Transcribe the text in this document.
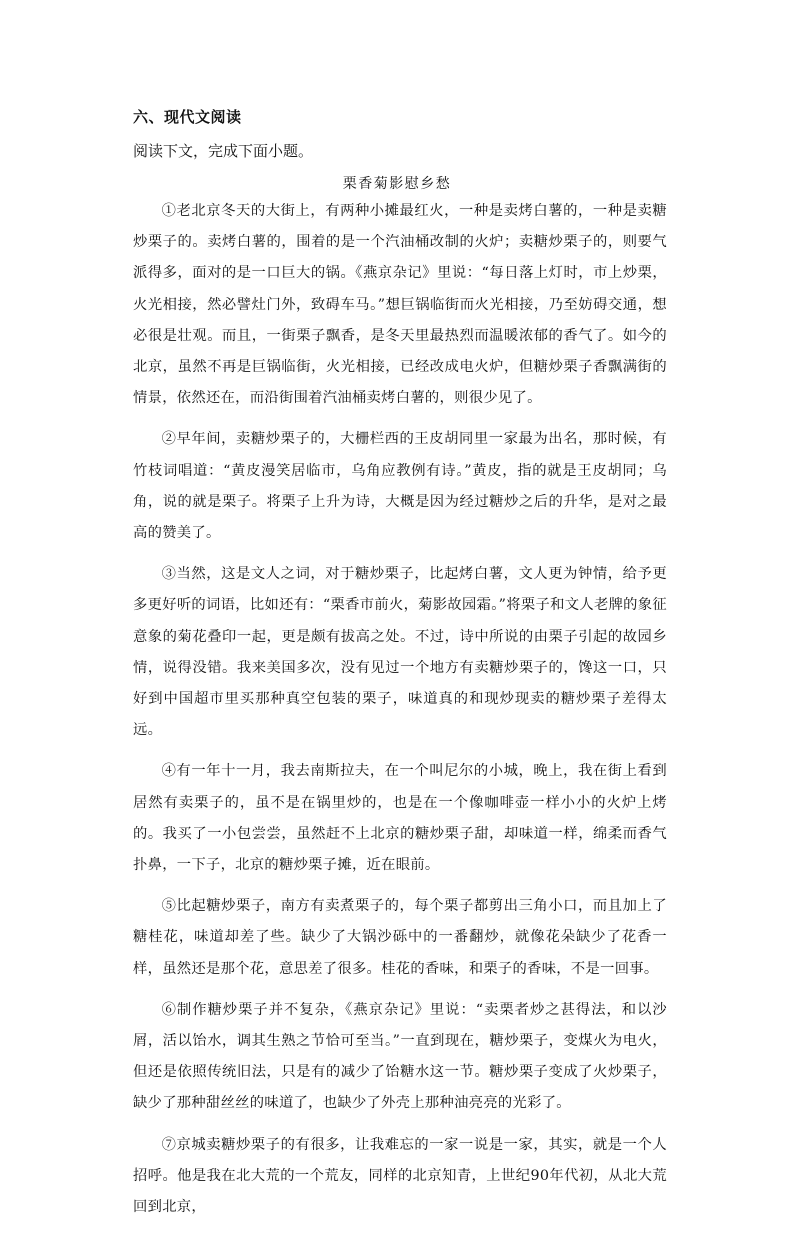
六、现代文阅读
阅读下文，完成下面小题。
栗香菊影慰乡愁

①老北京冬天的大街上，有两种小摊最红火，一种是卖烤白薯的，一种是卖糖炒栗子的。卖烤白薯的，围着的是一个汽油桶改制的火炉；卖糖炒栗子的，则要气派得多，面对的是一口巨大的锅。《燕京杂记》里说：“每日落上灯时，市上炒栗，火光相接，然必譬灶门外，致碍车马。”想巨锅临街而火光相接，乃至妨碍交通，想必很是壮观。而且，一街栗子飘香，是冬天里最热烈而温暖浓郁的香气了。如今的北京，虽然不再是巨锅临街，火光相接，已经改成电火炉，但糖炒栗子香飘满街的情景，依然还在，而沿街围着汽油桶卖烤白薯的，则很少见了。

②早年间，卖糖炒栗子的，大栅栏西的王皮胡同里一家最为出名，那时候，有竹枝词唱道：“黄皮漫笑居临市，乌角应教例有诗。”黄皮，指的就是王皮胡同；乌角，说的就是栗子。将栗子上升为诗，大概是因为经过糖炒之后的升华，是对之最高的赞美了。

③当然，这是文人之词，对于糖炒栗子，比起烤白薯，文人更为钟情，给予更多更好听的词语，比如还有：“栗香市前火，菊影故园霜。”将栗子和文人老牌的象征意象的菊花叠印一起，更是颇有拔高之处。不过，诗中所说的由栗子引起的故园乡情，说得没错。我来美国多次，没有见过一个地方有卖糖炒栗子的，馋这一口，只好到中国超市里买那种真空包装的栗子，味道真的和现炒现卖的糖炒栗子差得太远。

④有一年十一月，我去南斯拉夫，在一个叫尼尔的小城，晚上，我在街上看到居然有卖栗子的，虽不是在锅里炒的，也是在一个像咖啡壶一样小小的火炉上烤的。我买了一小包尝尝，虽然赶不上北京的糖炒栗子甜，却味道一样，绵柔而香气扑鼻，一下子，北京的糖炒栗子摊，近在眼前。

⑤比起糖炒栗子，南方有卖煮栗子的，每个栗子都剪出三角小口，而且加上了糖桂花，味道却差了些。缺少了大锅沙砾中的一番翻炒，就像花朵缺少了花香一样，虽然还是那个花，意思差了很多。桂花的香味，和栗子的香味，不是一回事。

⑥制作糖炒栗子并不复杂，《燕京杂记》里说：“卖栗者炒之甚得法，和以沙屑，活以饴水，调其生熟之节恰可至当。”一直到现在，糖炒栗子，变煤火为电火，但还是依照传统旧法，只是有的减少了饴糖水这一节。糖炒栗子变成了火炒栗子，缺少了那种甜丝丝的味道了，也缺少了外壳上那种油亮亮的光彩了。

⑦京城卖糖炒栗子的有很多，让我难忘的一家一说是一家，其实，就是一个人招呼。他是我在北大荒的一个荒友，同样的北京知青，上世纪90年代初，从北大荒回到北京，
